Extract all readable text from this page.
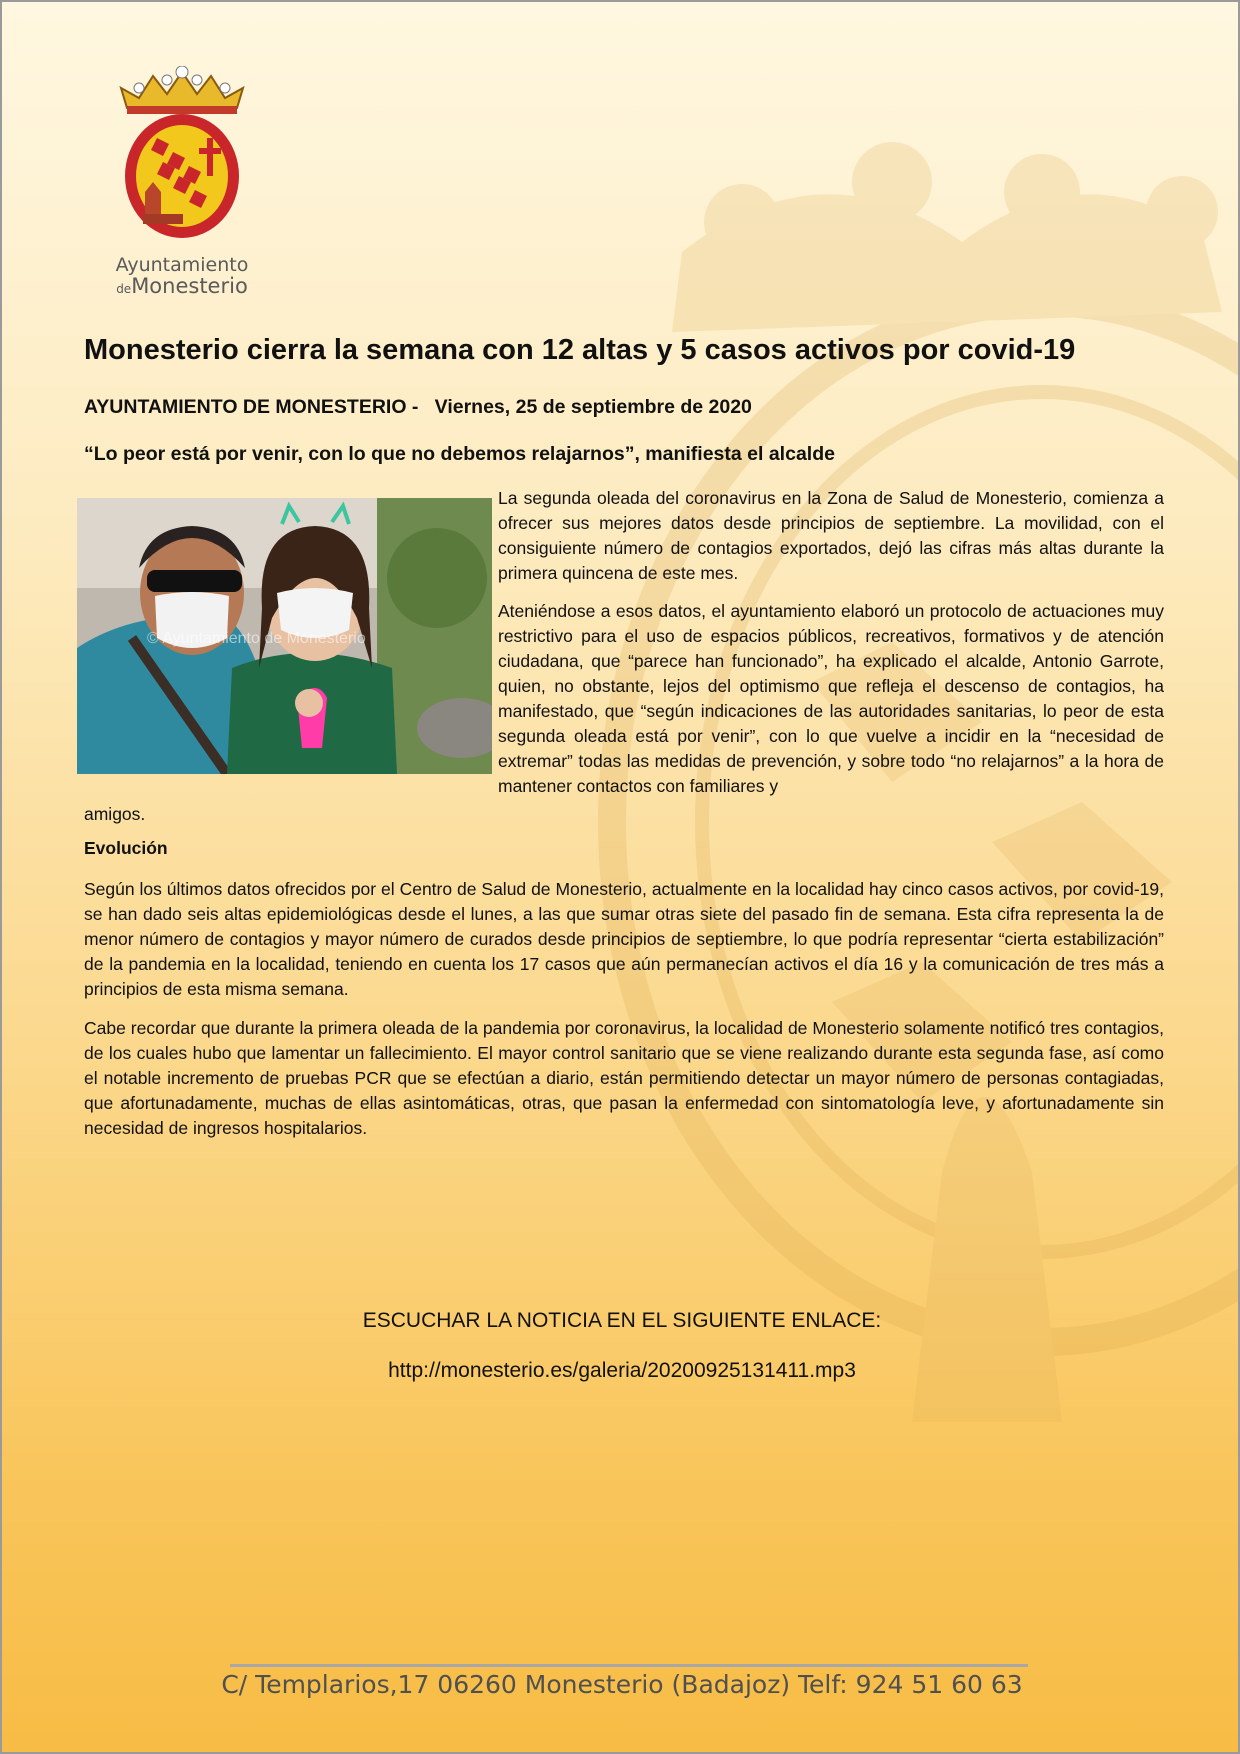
Ayuntamiento
deMonesterio
Monesterio cierra la semana con 12 altas y 5 casos activos por covid-19

AYUNTAMIENTO DE MONESTERIO -   Viernes, 25 de septiembre de 2020

“Lo peor está por venir, con lo que no debemos relajarnos”, manifiesta el alcalde

© Ayuntamiento de Monesterio

La segunda oleada del coronavirus en la Zona de Salud de Monesterio, comienza a ofrecer sus mejores datos desde principios de septiembre. La movilidad, con el consiguiente número de contagios exportados, dejó las cifras más altas durante la primera quincena de este mes.

Ateniéndose a esos datos, el ayuntamiento elaboró un protocolo de actuaciones muy restrictivo para el uso de espacios públicos, recreativos, formativos y de atención ciudadana, que “parece han funcionado”, ha explicado el alcalde, Antonio Garrote, quien, no obstante, lejos del optimismo que refleja el descenso de contagios, ha manifestado, que “según indicaciones de las autoridades sanitarias, lo peor de esta segunda oleada está por venir”, con lo que vuelve a incidir en la “necesidad de extremar” todas las medidas de prevención, y sobre todo “no relajarnos” a la hora de mantener contactos con familiares y

amigos.

Evolución

Según los últimos datos ofrecidos por el Centro de Salud de Monesterio, actualmente en la localidad hay cinco casos activos, por covid-19, se han dado seis altas epidemiológicas desde el lunes, a las que sumar otras siete del pasado fin de semana. Esta cifra representa la de menor número de contagios y mayor número de curados desde principios de septiembre, lo que podría representar “cierta estabilización” de la pandemia en la localidad, teniendo en cuenta los 17 casos que aún permanecían activos el día 16 y la comunicación de tres más a principios de esta misma semana.

Cabe recordar que durante la primera oleada de la pandemia por coronavirus, la localidad de Monesterio solamente notificó tres contagios, de los cuales hubo que lamentar un fallecimiento. El mayor control sanitario que se viene realizando durante esta segunda fase, así como el notable incremento de pruebas PCR que se efectúan a diario, están permitiendo detectar un mayor número de personas contagiadas, que afortunadamente, muchas de ellas asintomáticas, otras, que pasan la enfermedad con sintomatología leve, y afortunadamente sin necesidad de ingresos hospitalarios.

ESCUCHAR LA NOTICIA EN EL SIGUIENTE ENLACE:

http://monesterio.es/galeria/20200925131411.mp3

C/ Templarios,17 06260 Monesterio (Badajoz) Telf: 924 51 60 63
